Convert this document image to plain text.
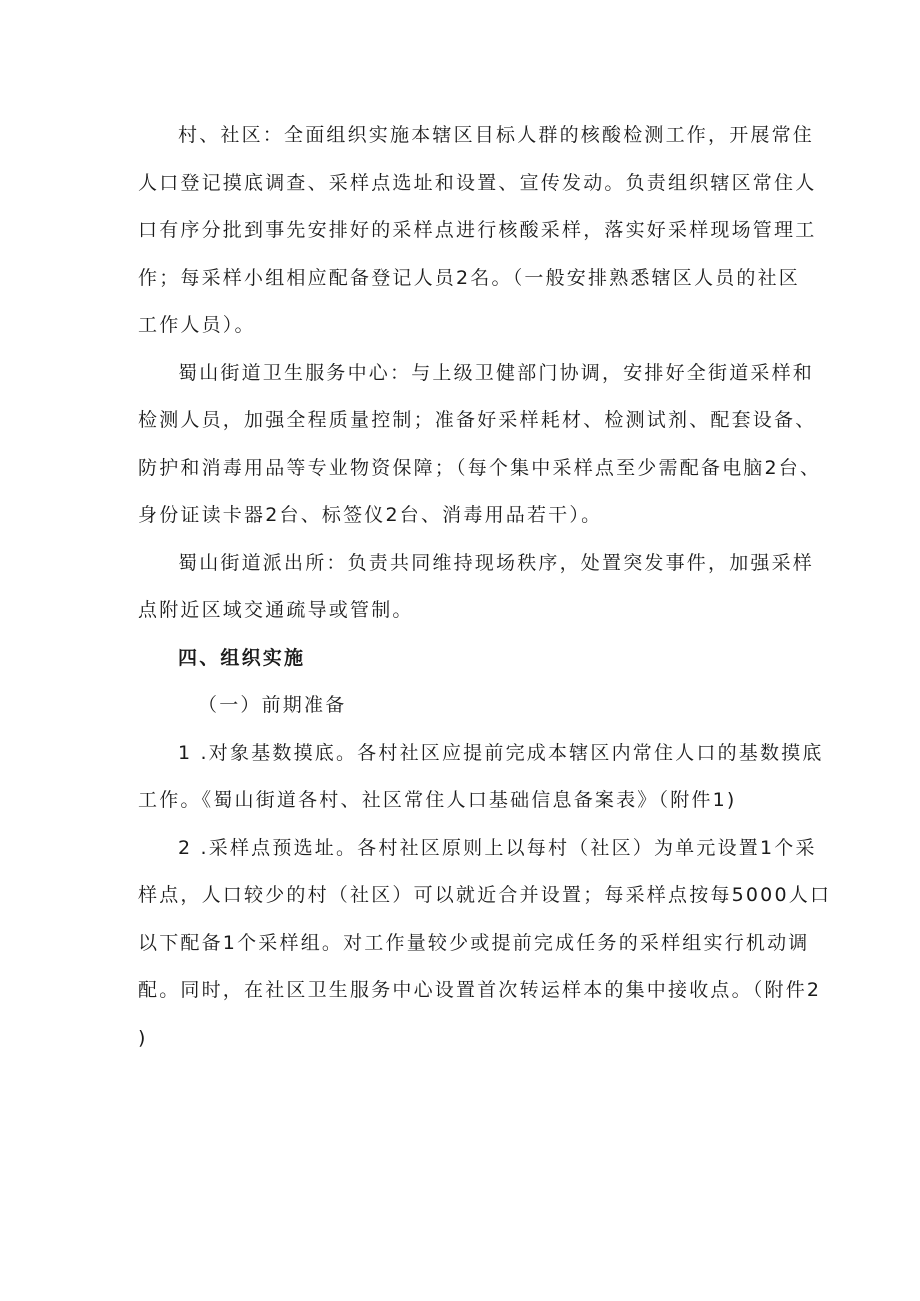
村、社区：全面组织实施本辖区目标人群的核酸检测工作，开展常住
人口登记摸底调查、采样点选址和设置、宣传发动。负责组织辖区常住人
口有序分批到事先安排好的采样点进行核酸采样，落实好采样现场管理工
作；每采样小组相应配备登记人员2名。（一般安排熟悉辖区人员的社区
工作人员）。
蜀山街道卫生服务中心：与上级卫健部门协调，安排好全街道采样和
检测人员，加强全程质量控制；准备好采样耗材、检测试剂、配套设备、
防护和消毒用品等专业物资保障；（每个集中采样点至少需配备电脑2台、
身份证读卡器2台、标签仪2台、消毒用品若干）。
蜀山街道派出所：负责共同维持现场秩序，处置突发事件，加强采样
点附近区域交通疏导或管制。
四、组织实施
（一）前期准备
1 .对象基数摸底。各村社区应提前完成本辖区内常住人口的基数摸底
工作。《蜀山街道各村、社区常住人口基础信息备案表》（附件1)
2 .采样点预选址。各村社区原则上以每村（社区）为单元设置1个采
样点，人口较少的村（社区）可以就近合并设置；每采样点按每5000人口
以下配备1个采样组。对工作量较少或提前完成任务的采样组实行机动调
配。同时，在社区卫生服务中心设置首次转运样本的集中接收点。（附件2
)
